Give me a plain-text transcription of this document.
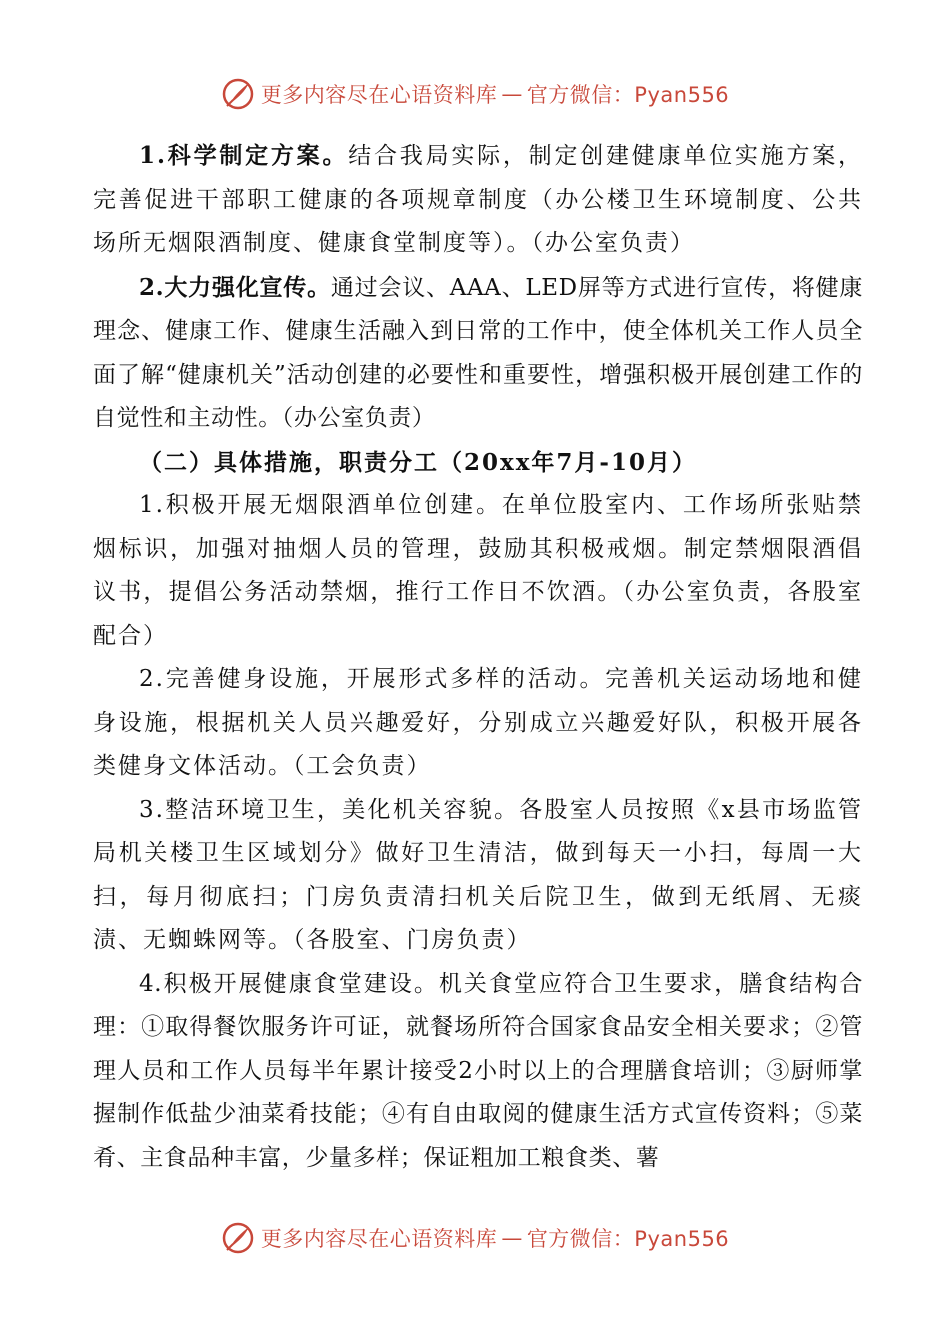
更多内容尽在心语资料库 — 官方微信：Pyan556

1.科学制定方案。结合我局实际，制定创建健康单位实施方案，完善促进干部职工健康的各项规章制度（办公楼卫生环境制度、公共场所无烟限酒制度、健康食堂制度等）。（办公室负责）

2.大力强化宣传。通过会议、AAA、LED屏等方式进行宣传，将健康理念、健康工作、健康生活融入到日常的工作中，使全体机关工作人员全面了解“健康机关”活动创建的必要性和重要性，增强积极开展创建工作的自觉性和主动性。（办公室负责）

（二）具体措施，职责分工（20xx年7月-10月）

1.积极开展无烟限酒单位创建。在单位股室内、工作场所张贴禁烟标识，加强对抽烟人员的管理，鼓励其积极戒烟。制定禁烟限酒倡议书，提倡公务活动禁烟，推行工作日不饮酒。（办公室负责，各股室配合）

2.完善健身设施，开展形式多样的活动。完善机关运动场地和健身设施，根据机关人员兴趣爱好，分别成立兴趣爱好队，积极开展各类健身文体活动。（工会负责）

3.整洁环境卫生，美化机关容貌。各股室人员按照《x县市场监管局机关楼卫生区域划分》做好卫生清洁，做到每天一小扫，每周一大扫，每月彻底扫；门房负责清扫机关后院卫生，做到无纸屑、无痰渍、无蜘蛛网等。（各股室、门房负责）

4.积极开展健康食堂建设。机关食堂应符合卫生要求，膳食结构合理：①取得餐饮服务许可证，就餐场所符合国家食品安全相关要求；②管理人员和工作人员每半年累计接受2小时以上的合理膳食培训；③厨师掌握制作低盐少油菜肴技能；④有自由取阅的健康生活方式宣传资料；⑤菜肴、主食品种丰富，少量多样；保证粗加工粮食类、薯

更多内容尽在心语资料库 — 官方微信：Pyan556
